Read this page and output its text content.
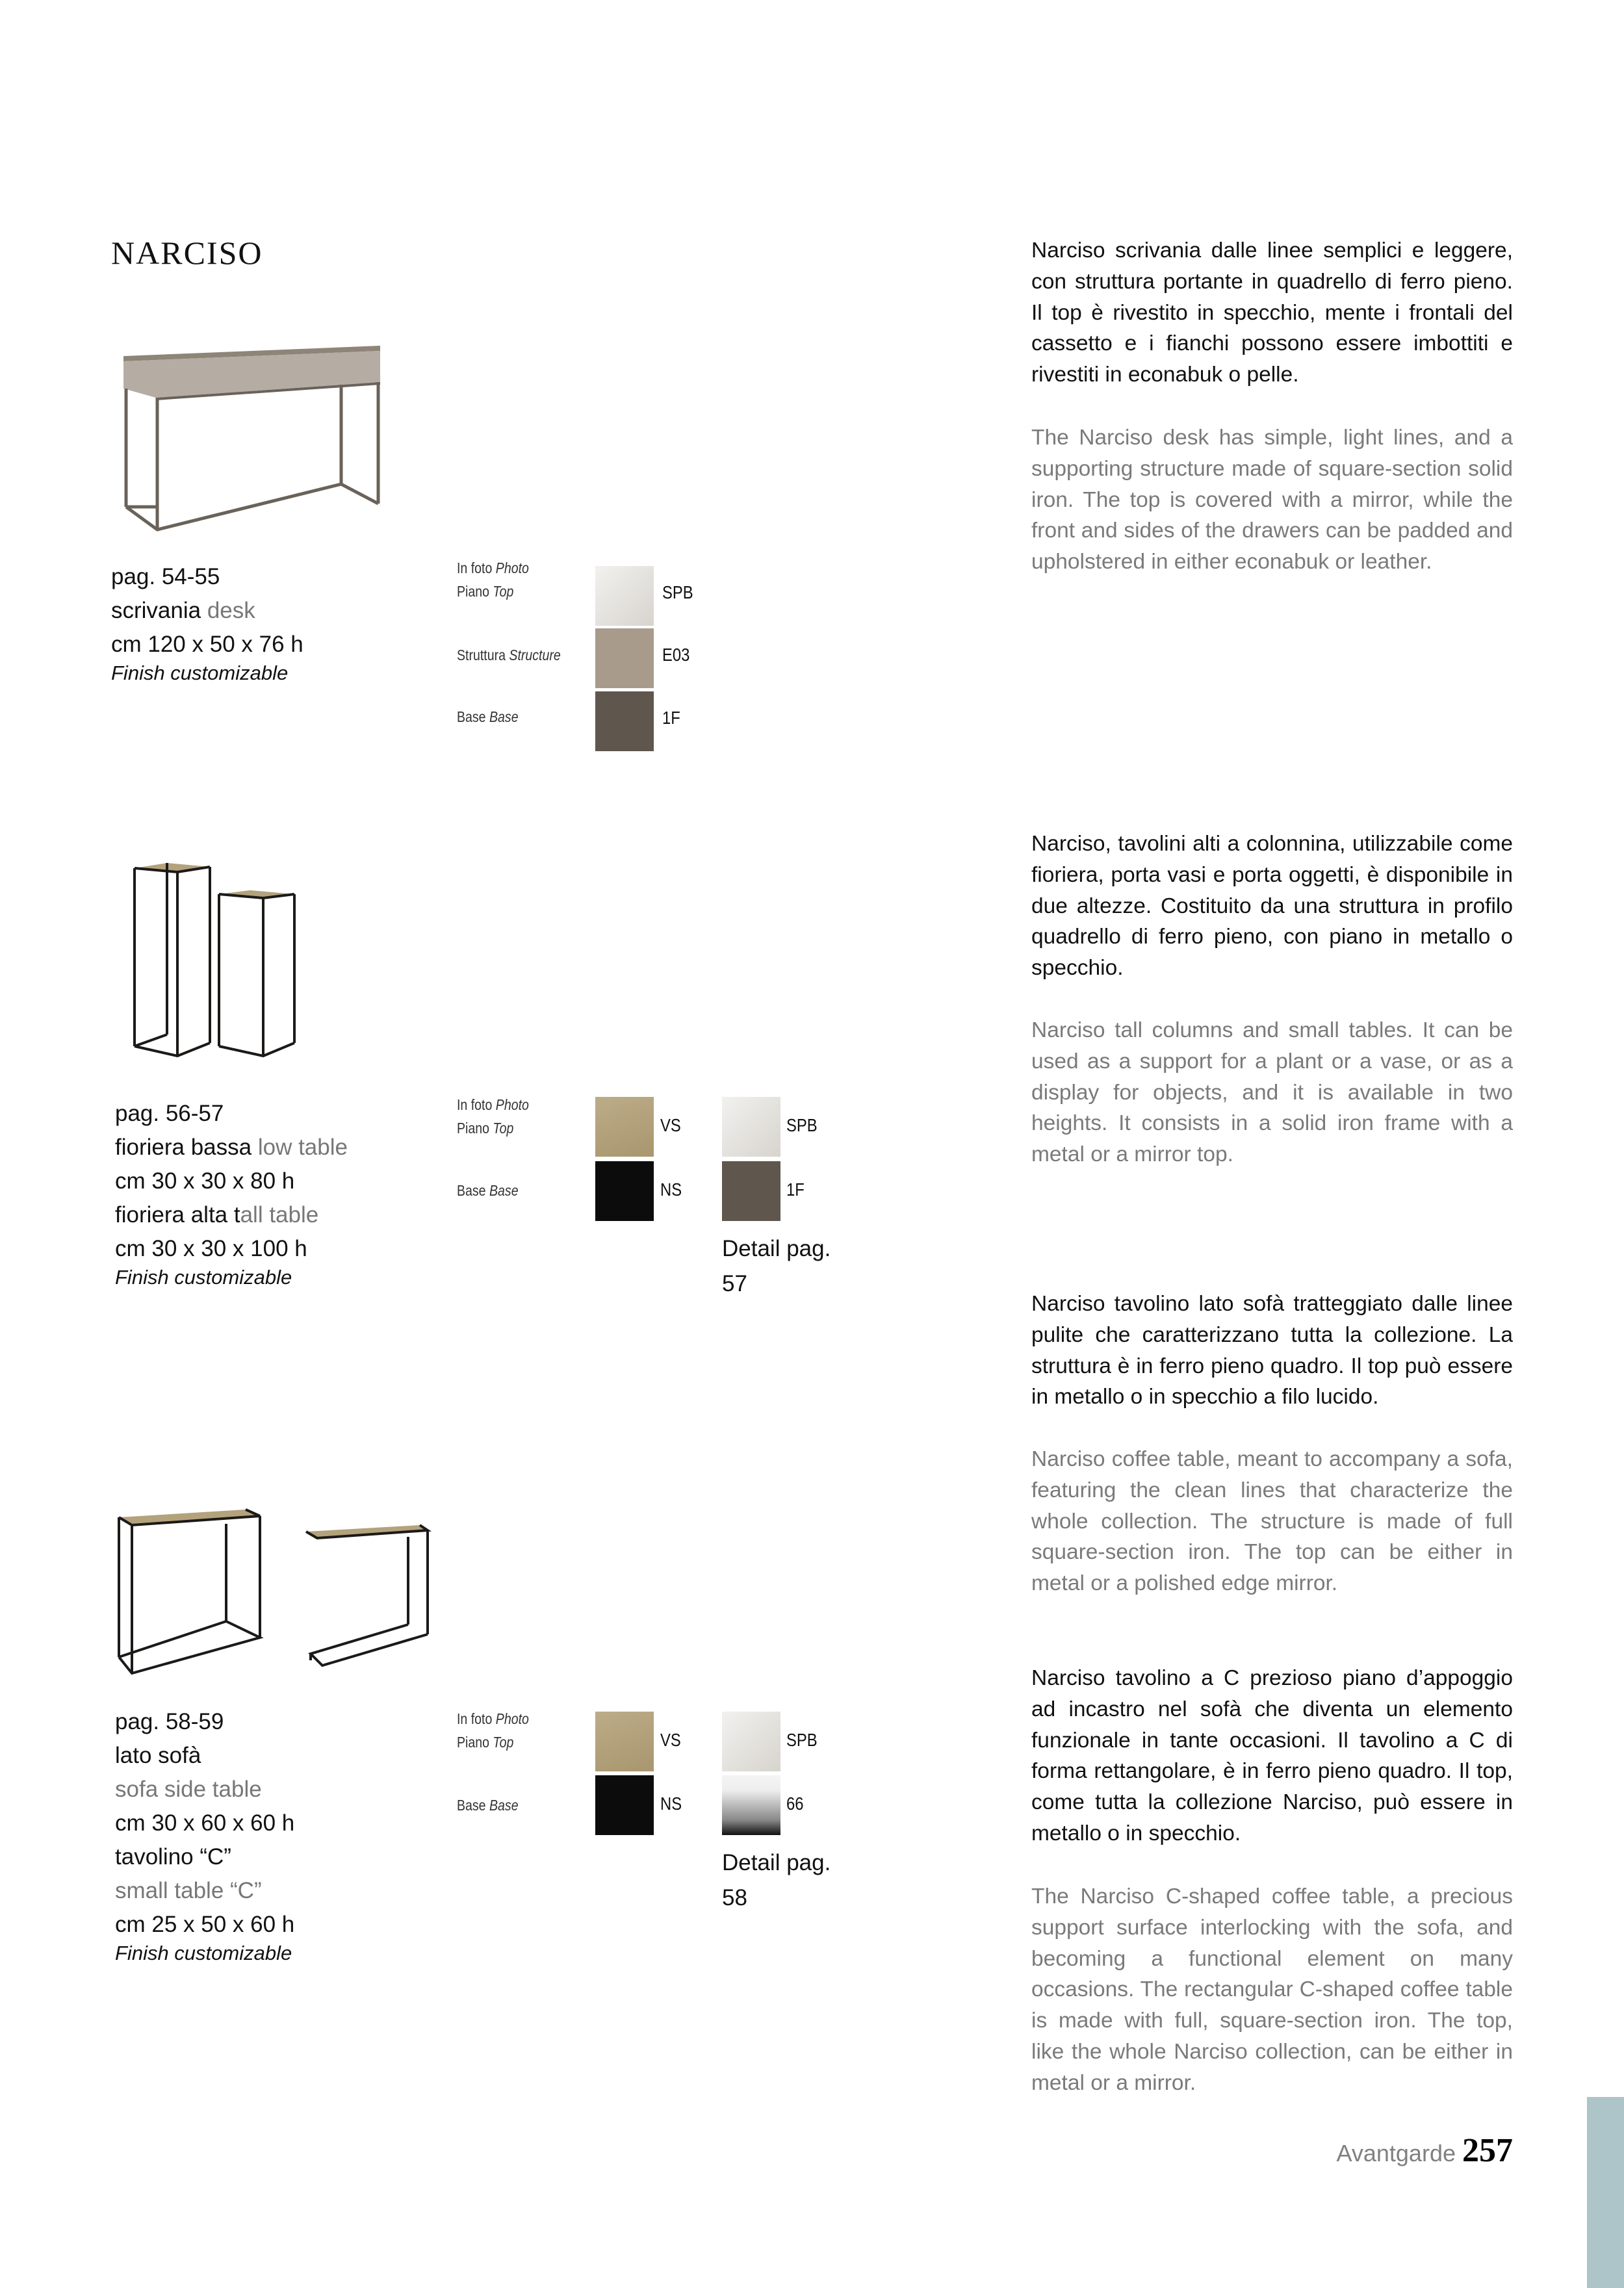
NARCISO
pag. 54-55
scrivania desk
cm 120 x 50 x 76 h
Finish customizable
In foto Photo
Piano Top
Struttura Structure
Base Base
SPB
E03
1F
Narciso scrivania dalle linee semplici e leggere, con struttura portante in quadrello di ferro pieno. Il top è rivestito in specchio, mente i frontali del cassetto e i fianchi possono essere imbottiti e rivestiti in econabuk o pelle.
The Narciso desk has simple, light lines, and a supporting structure made of square-section solid iron. The top is covered with a mirror, while the front and sides of the drawers can be padded and upholstered in either econabuk or leather.
pag. 56-57
fioriera bassa low table
cm 30 x 30 x 80 h
fioriera alta tall table
cm 30 x 30 x 100 h
Finish customizable
In foto Photo
Piano Top
Base Base
VS
NS
SPB
1F
Detail pag.
57
Narciso, tavolini alti a colonnina, utilizzabile come fioriera, porta vasi e porta oggetti, è disponibile in due altezze. Costituito da una struttura in profilo quadrello di ferro pieno, con piano in metallo o specchio.
Narciso tall columns and small tables. It can be used as a support for a plant or a vase, or as a display for objects, and it is available in two heights. It consists in a solid iron frame with a metal or a mirror top.
pag. 58-59
lato sofà
sofa side table
cm 30 x 60 x 60 h
tavolino “C”
small table “C”
cm 25 x 50 x 60 h
Finish customizable
In foto Photo
Piano Top
Base Base
VS
NS
SPB
66
Detail pag.
58
Narciso tavolino lato sofà tratteggiato dalle linee pulite che caratterizzano tutta la collezione. La struttura è in ferro pieno quadro. Il top può essere in metallo o in specchio a filo lucido.
Narciso coffee table, meant to accompany a sofa, featuring the clean lines that characterize the whole collection. The structure is made of full square-section iron. The top can be either in metal or a polished edge mirror.
Narciso tavolino a C prezioso piano d’appoggio ad incastro nel sofà che diventa un elemento funzionale in tante occasioni. Il tavolino a C di forma rettangolare, è in ferro pieno quadro. Il top, come tutta la collezione Narciso, può essere in metallo o in specchio.
The Narciso C-shaped coffee table, a precious support surface interlocking with the sofa, and becoming a functional element on many occasions. The rectangular C-shaped coffee table is made with full, square-section iron. The top, like the whole Narciso collection, can be either in metal or a mirror.
Avantgarde 257
